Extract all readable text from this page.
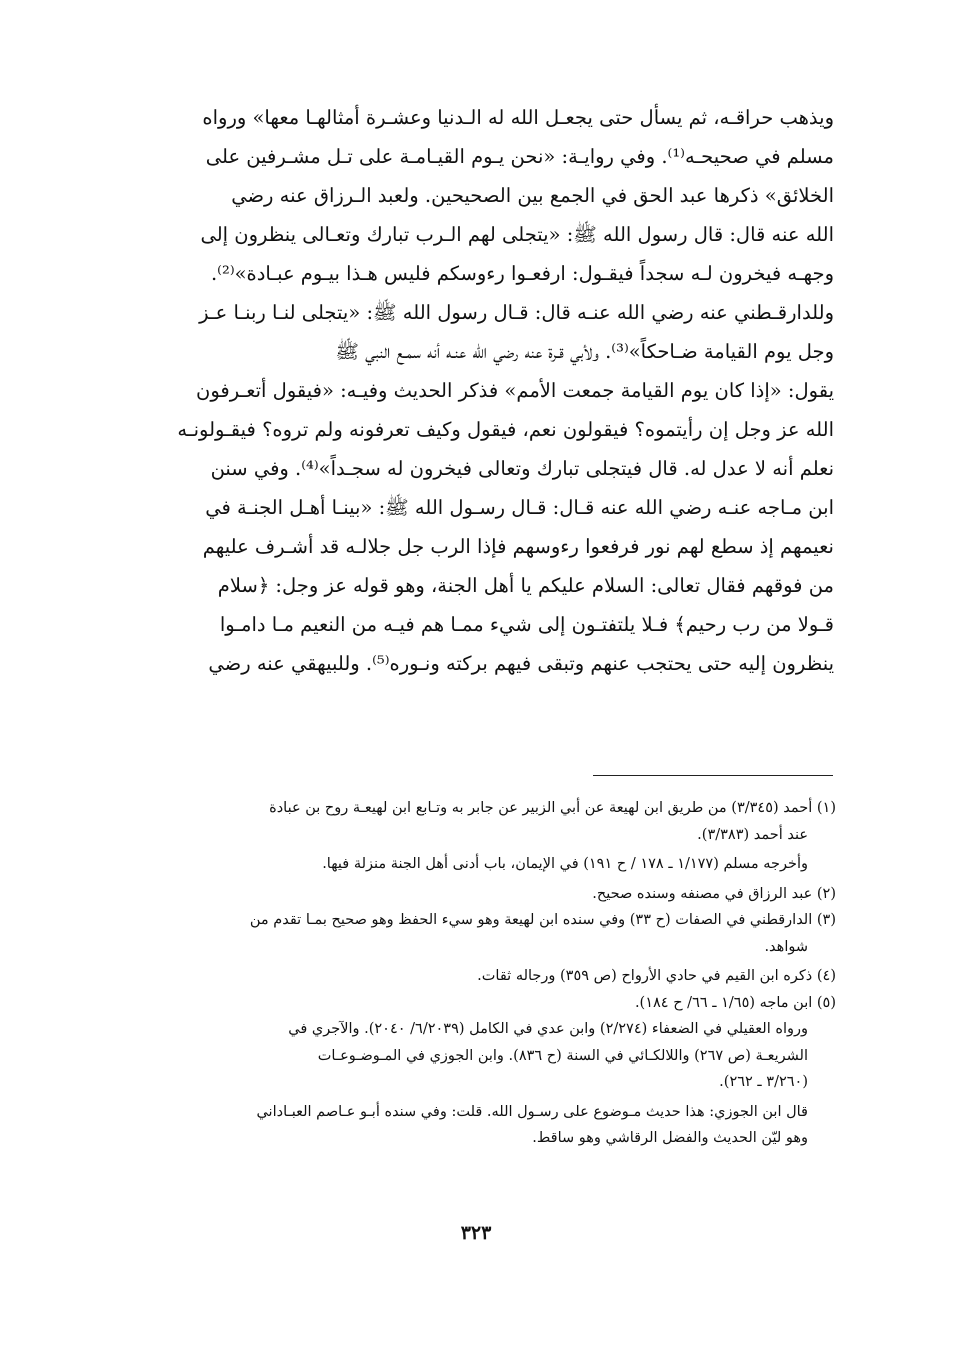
ويذهب حراقـه، ثم يسأل حتى يجعـل الله له الـدنيا وعشـرة أمثالهـا معها» ورواه
مسلم في صحيحـه⁽¹⁾. وفي روايـة: «نحن يـوم القيـامـة على تـل مشـرفين على
الخلائق» ذكرها عبد الحق في الجمع بين الصحيحين. ولعبد الـرزاق عنه رضي
الله عنه قال: قال رسول الله ﷺ: «يتجلى لهم الـرب تبارك وتعـالى ينظرون إلى
وجهـه فيخرون لـه سجداً فيقـول: ارفعـوا رءوسكم فليس هـذا بيـوم عبـادة»⁽²⁾.
وللدارقـطني عنه رضي الله عنـه قال: قـال رسول الله ﷺ: «يتجلى لنـا ربنـا عـز
وجل يوم القيامة ضـاحكاً»⁽³⁾. ولأبي قـرة عنه رضي الله عنـه أنه سمـع النبي ﷺ
يقول: «إذا كان يوم القيامة جمعت الأمم» فذكر الحديث وفيـه: «فيقول أتعـرفون
الله عز وجل إن رأيتموه؟ فيقولون نعم، فيقول وكيف تعرفونه ولم تروه؟ فيقـولونـه
نعلم أنه لا عدل له. قال فيتجلى تبارك وتعالى فيخرون له سجـداً»⁽⁴⁾. وفي سنن
ابن مـاجه عنـه رضي الله عنه قـال: قـال رسـول الله ﷺ: «بينـا أهـل الجنـة في
نعيمهم إذ سطع لهم نور فرفعوا رءوسهم فإذا الرب جل جلالـه قد أشـرف عليهم
من فوقهم فقال تعالى: السلام عليكم يا أهل الجنة، وهو قوله عز وجل: ﴿سلام
قـولا من رب رحيم﴾ فـلا يلتفتـون إلى شيء ممـا هم فيـه من النعيم مـا دامـوا
ينظرون إليه حتى يحتجب عنهم وتبقى فيهم بركته ونـوره⁽⁵⁾. وللبيهقي عنه رضي
(١) أحمد (٣/٣٤٥) من طريق ابن لهيعة عن أبي الزبير عن جابر به وتـابع ابن لهيعـة روح بن عبادة
عند أحمد (٣/٣٨٣).
وأخرجه مسلم (١/١٧٧ ـ ١٧٨ / ح ١٩١) في الإيمان، باب أدنى أهل الجنة منزلة فيها.
(٢) عبد الرزاق في مصنفه وسنده صحيح.
(٣) الدارقطني في الصفات (ح ٣٣) وفي سنده ابن لهيعة وهو سيء الحفظ وهو صحيح بمـا تقدم من
شواهد.
(٤) ذكره ابن القيم في حادي الأرواح (ص ٣٥٩) ورجاله ثقات.
(٥) ابن ماجه (١/٦٥ ـ ٦٦/ ح ١٨٤).
ورواه العقيلي في الضعفاء (٢/٢٧٤) وابن عدي في الكامل (٦/٢٠٣٩/ ٢٠٤٠). والآجري في
الشريعـة (ص ٢٦٧) واللالكـائي في السنة (ح ٨٣٦). وابن الجوزي في المـوضـوعـات
(٣/٢٦٠ ـ ٢٦٢).
قال ابن الجوزي: هذا حديث مـوضوع على رسـول الله. قلت: وفي سنده أبـو عـاصم العبـاداني
وهو ليّن الحديث والفضل الرقاشي وهو ساقط.
٣٢٣
